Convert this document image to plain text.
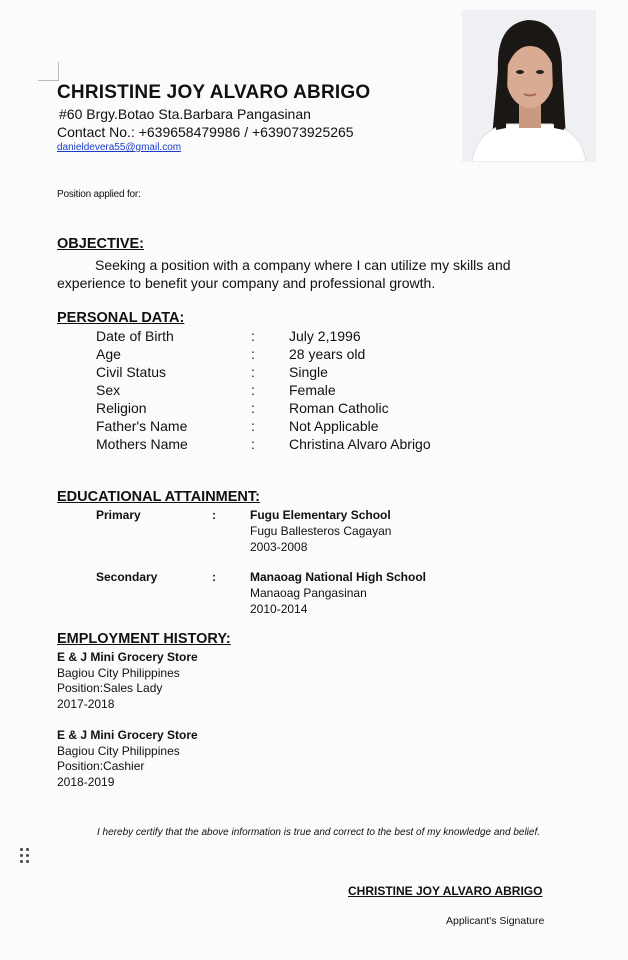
CHRISTINE JOY ALVARO ABRIGO
#60 Brgy.Botao Sta.Barbara Pangasinan
Contact No.: +639658479986 / +639073925265
danieldevera55@gmail.com
Position applied for:
OBJECTIVE:
Seeking a position with a company where I can utilize my skills and experience to benefit your company and professional growth.
PERSONAL DATA:
Date of Birth	: July 2,1996
Age	: 28 years old
Civil Status	: Single
Sex	: Female
Religion	: Roman Catholic
Father's Name	: Not Applicable
Mothers Name	: Christina Alvaro Abrigo
EDUCATIONAL ATTAINMENT:
Primary	:	Fugu Elementary School
Fugu Ballesteros Cagayan
2003-2008
Secondary	:	Manaoag National High School
Manaoag Pangasinan
2010-2014
EMPLOYMENT HISTORY:
E & J Mini Grocery Store
Bagiou City Philippines
Position:Sales Lady
2017-2018
E & J Mini Grocery Store
Bagiou City Philippines
Position:Cashier
2018-2019
I hereby certify that the above information is true and correct to the best of my knowledge and belief.
CHRISTINE JOY ALVARO ABRIGO
Applicant's Signature
